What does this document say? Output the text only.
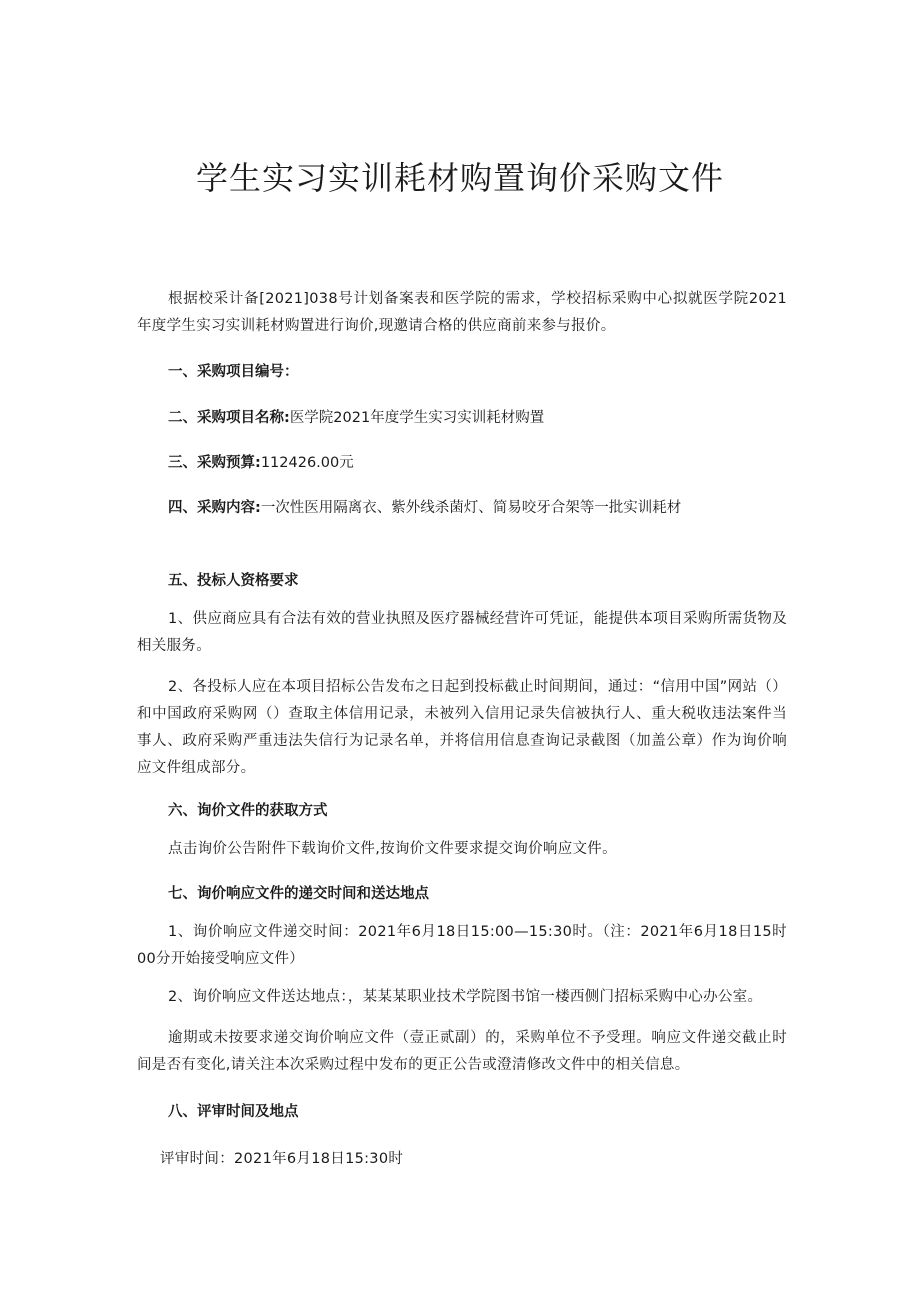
学生实习实训耗材购置询价采购文件

根据校采计备[2021]038号计划备案表和医学院的需求，学校招标采购中心拟就医学院2021年度学生实习实训耗材购置进行询价,现邀请合格的供应商前来参与报价。

一、采购项目编号：
二、采购项目名称:医学院2021年度学生实习实训耗材购置
三、采购预算:112426.00元
四、采购内容:一次性医用隔离衣、紫外线杀菌灯、简易咬牙合架等一批实训耗材
五、投标人资格要求

1、供应商应具有合法有效的营业执照及医疗器械经营许可凭证，能提供本项目采购所需货物及相关服务。

2、各投标人应在本项目招标公告发布之日起到投标截止时间期间，通过：“信用中国”网站（）和中国政府采购网（）查取主体信用记录，未被列入信用记录失信被执行人、重大税收违法案件当事人、政府采购严重违法失信行为记录名单，并将信用信息查询记录截图（加盖公章）作为询价响应文件组成部分。

六、询价文件的获取方式

点击询价公告附件下载询价文件,按询价文件要求提交询价响应文件。

七、询价响应文件的递交时间和送达地点

1、询价响应文件递交时间：2021年6月18日15:00—15:30时。（注：2021年6月18日15时00分开始接受响应文件）

2、询价响应文件送达地点：，某某某职业技术学院图书馆一楼西侧门招标采购中心办公室。

逾期或未按要求递交询价响应文件（壹正贰副）的，采购单位不予受理。响应文件递交截止时间是否有变化,请关注本次采购过程中发布的更正公告或澄清修改文件中的相关信息。

八、评审时间及地点

评审时间：2021年6月18日15:30时
